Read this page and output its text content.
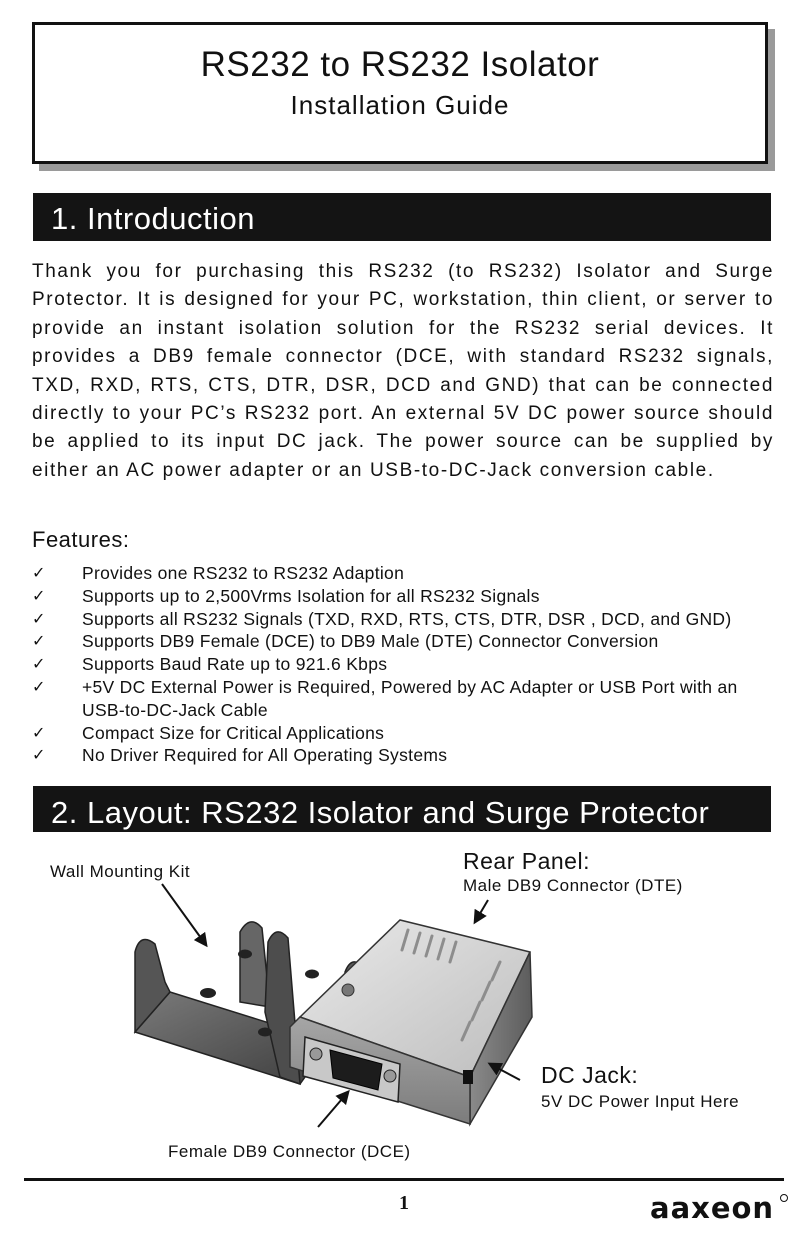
RS232 to RS232 Isolator
Installation Guide
1. Introduction

Thank you for purchasing this RS232 (to RS232) Isolator and Surge Protector. It is designed for your PC, workstation, thin client, or server to provide an instant isolation solution for the RS232 serial devices. It provides a DB9 female connector (DCE, with standard RS232 signals, TXD, RXD, RTS, CTS, DTR, DSR, DCD and GND) that can be connected directly to your PC’s RS232 port. An external 5V DC power source should be applied to its input DC jack. The power source can be supplied by either an AC power adapter or an USB-to-DC-Jack conversion cable.

Features:
✓ Provides one RS232 to RS232 Adaption
✓ Supports up to 2,500Vrms Isolation for all RS232 Signals
✓ Supports all RS232 Signals (TXD, RXD, RTS, CTS, DTR, DSR , DCD, and GND)
✓ Supports DB9 Female (DCE) to DB9 Male (DTE) Connector Conversion
✓ Supports Baud Rate up to 921.6 Kbps
✓ +5V DC External Power is Required, Powered by AC Adapter or USB Port with an USB-to-DC-Jack Cable
✓ Compact Size for Critical Applications
✓ No Driver Required for All Operating Systems
2. Layout: RS232 Isolator and Surge Protector
Wall Mounting Kit	Rear Panel:
Male DB9 Connector (DTE)
DC Jack:
5V DC Power Input Here
Female DB9 Connector (DCE)
1	aaxeon
